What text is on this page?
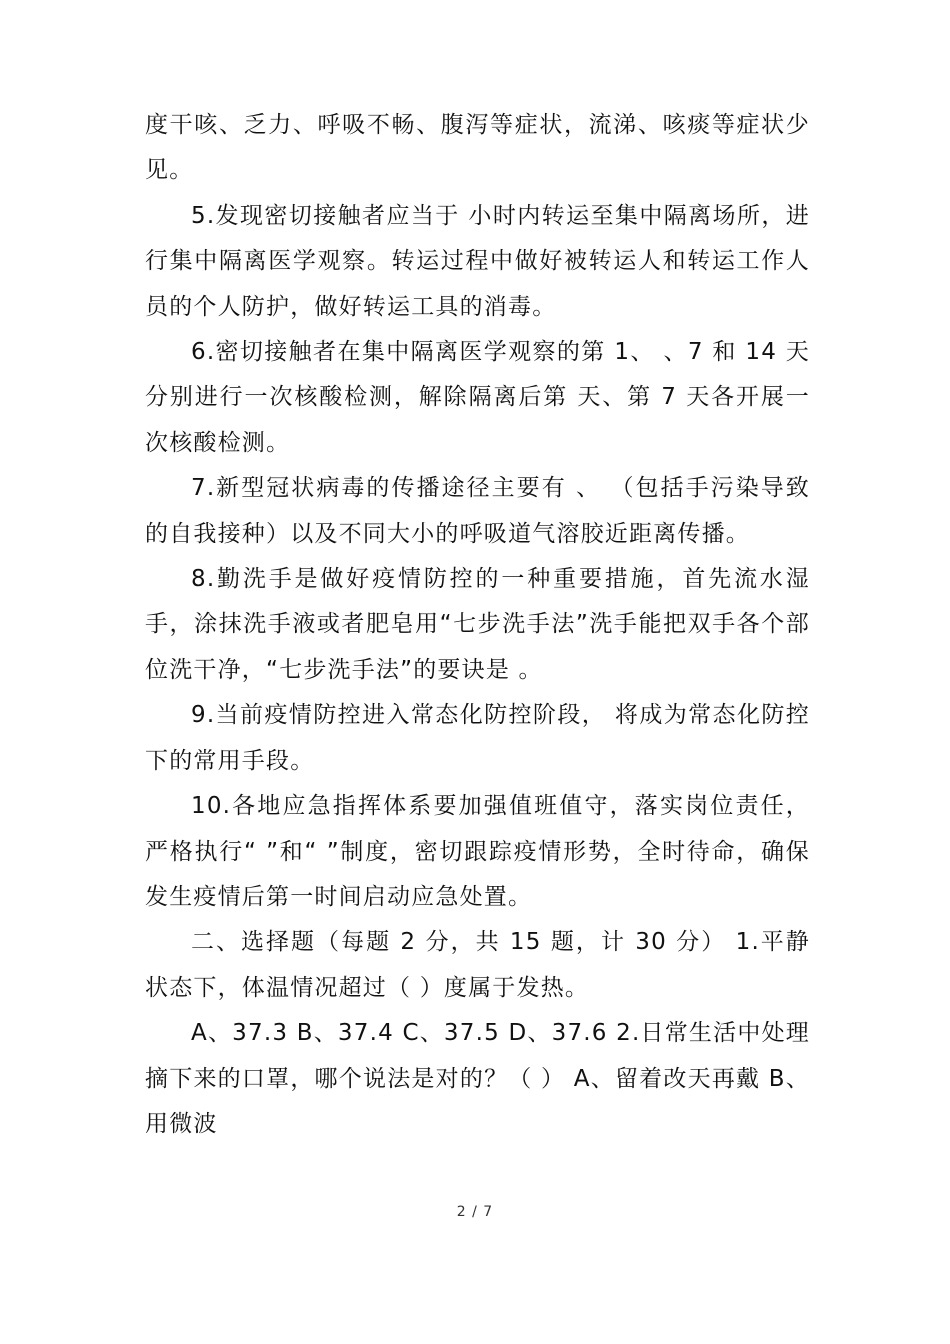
度干咳、乏力、呼吸不畅、腹泻等症状，流涕、咳痰等症状少见。

5.发现密切接触者应当于 小时内转运至集中隔离场所，进行集中隔离医学观察。转运过程中做好被转运人和转运工作人员的个人防护，做好转运工具的消毒。

6.密切接触者在集中隔离医学观察的第 1、 、7 和 14 天分别进行一次核酸检测，解除隔离后第 天、第 7 天各开展一次核酸检测。

7.新型冠状病毒的传播途径主要有 、 （包括手污染导致的自我接种）以及不同大小的呼吸道气溶胶近距离传播。

8.勤洗手是做好疫情防控的一种重要措施，首先流水湿手，涂抹洗手液或者肥皂用“七步洗手法”洗手能把双手各个部位洗干净，“七步洗手法”的要诀是 。

9.当前疫情防控进入常态化防控阶段， 将成为常态化防控下的常用手段。

10.各地应急指挥体系要加强值班值守，落实岗位责任，严格执行“ ”和“ ”制度，密切跟踪疫情形势，全时待命，确保发生疫情后第一时间启动应急处置。

二、选择题（每题 2 分，共 15 题，计 30 分） 1.平静状态下，体温情况超过（ ）度属于发热。

A、37.3 B、37.4 C、37.5 D、37.6 2.日常生活中处理摘下来的口罩，哪个说法是对的？（ ） A、留着改天再戴 B、用微波

2 / 7
